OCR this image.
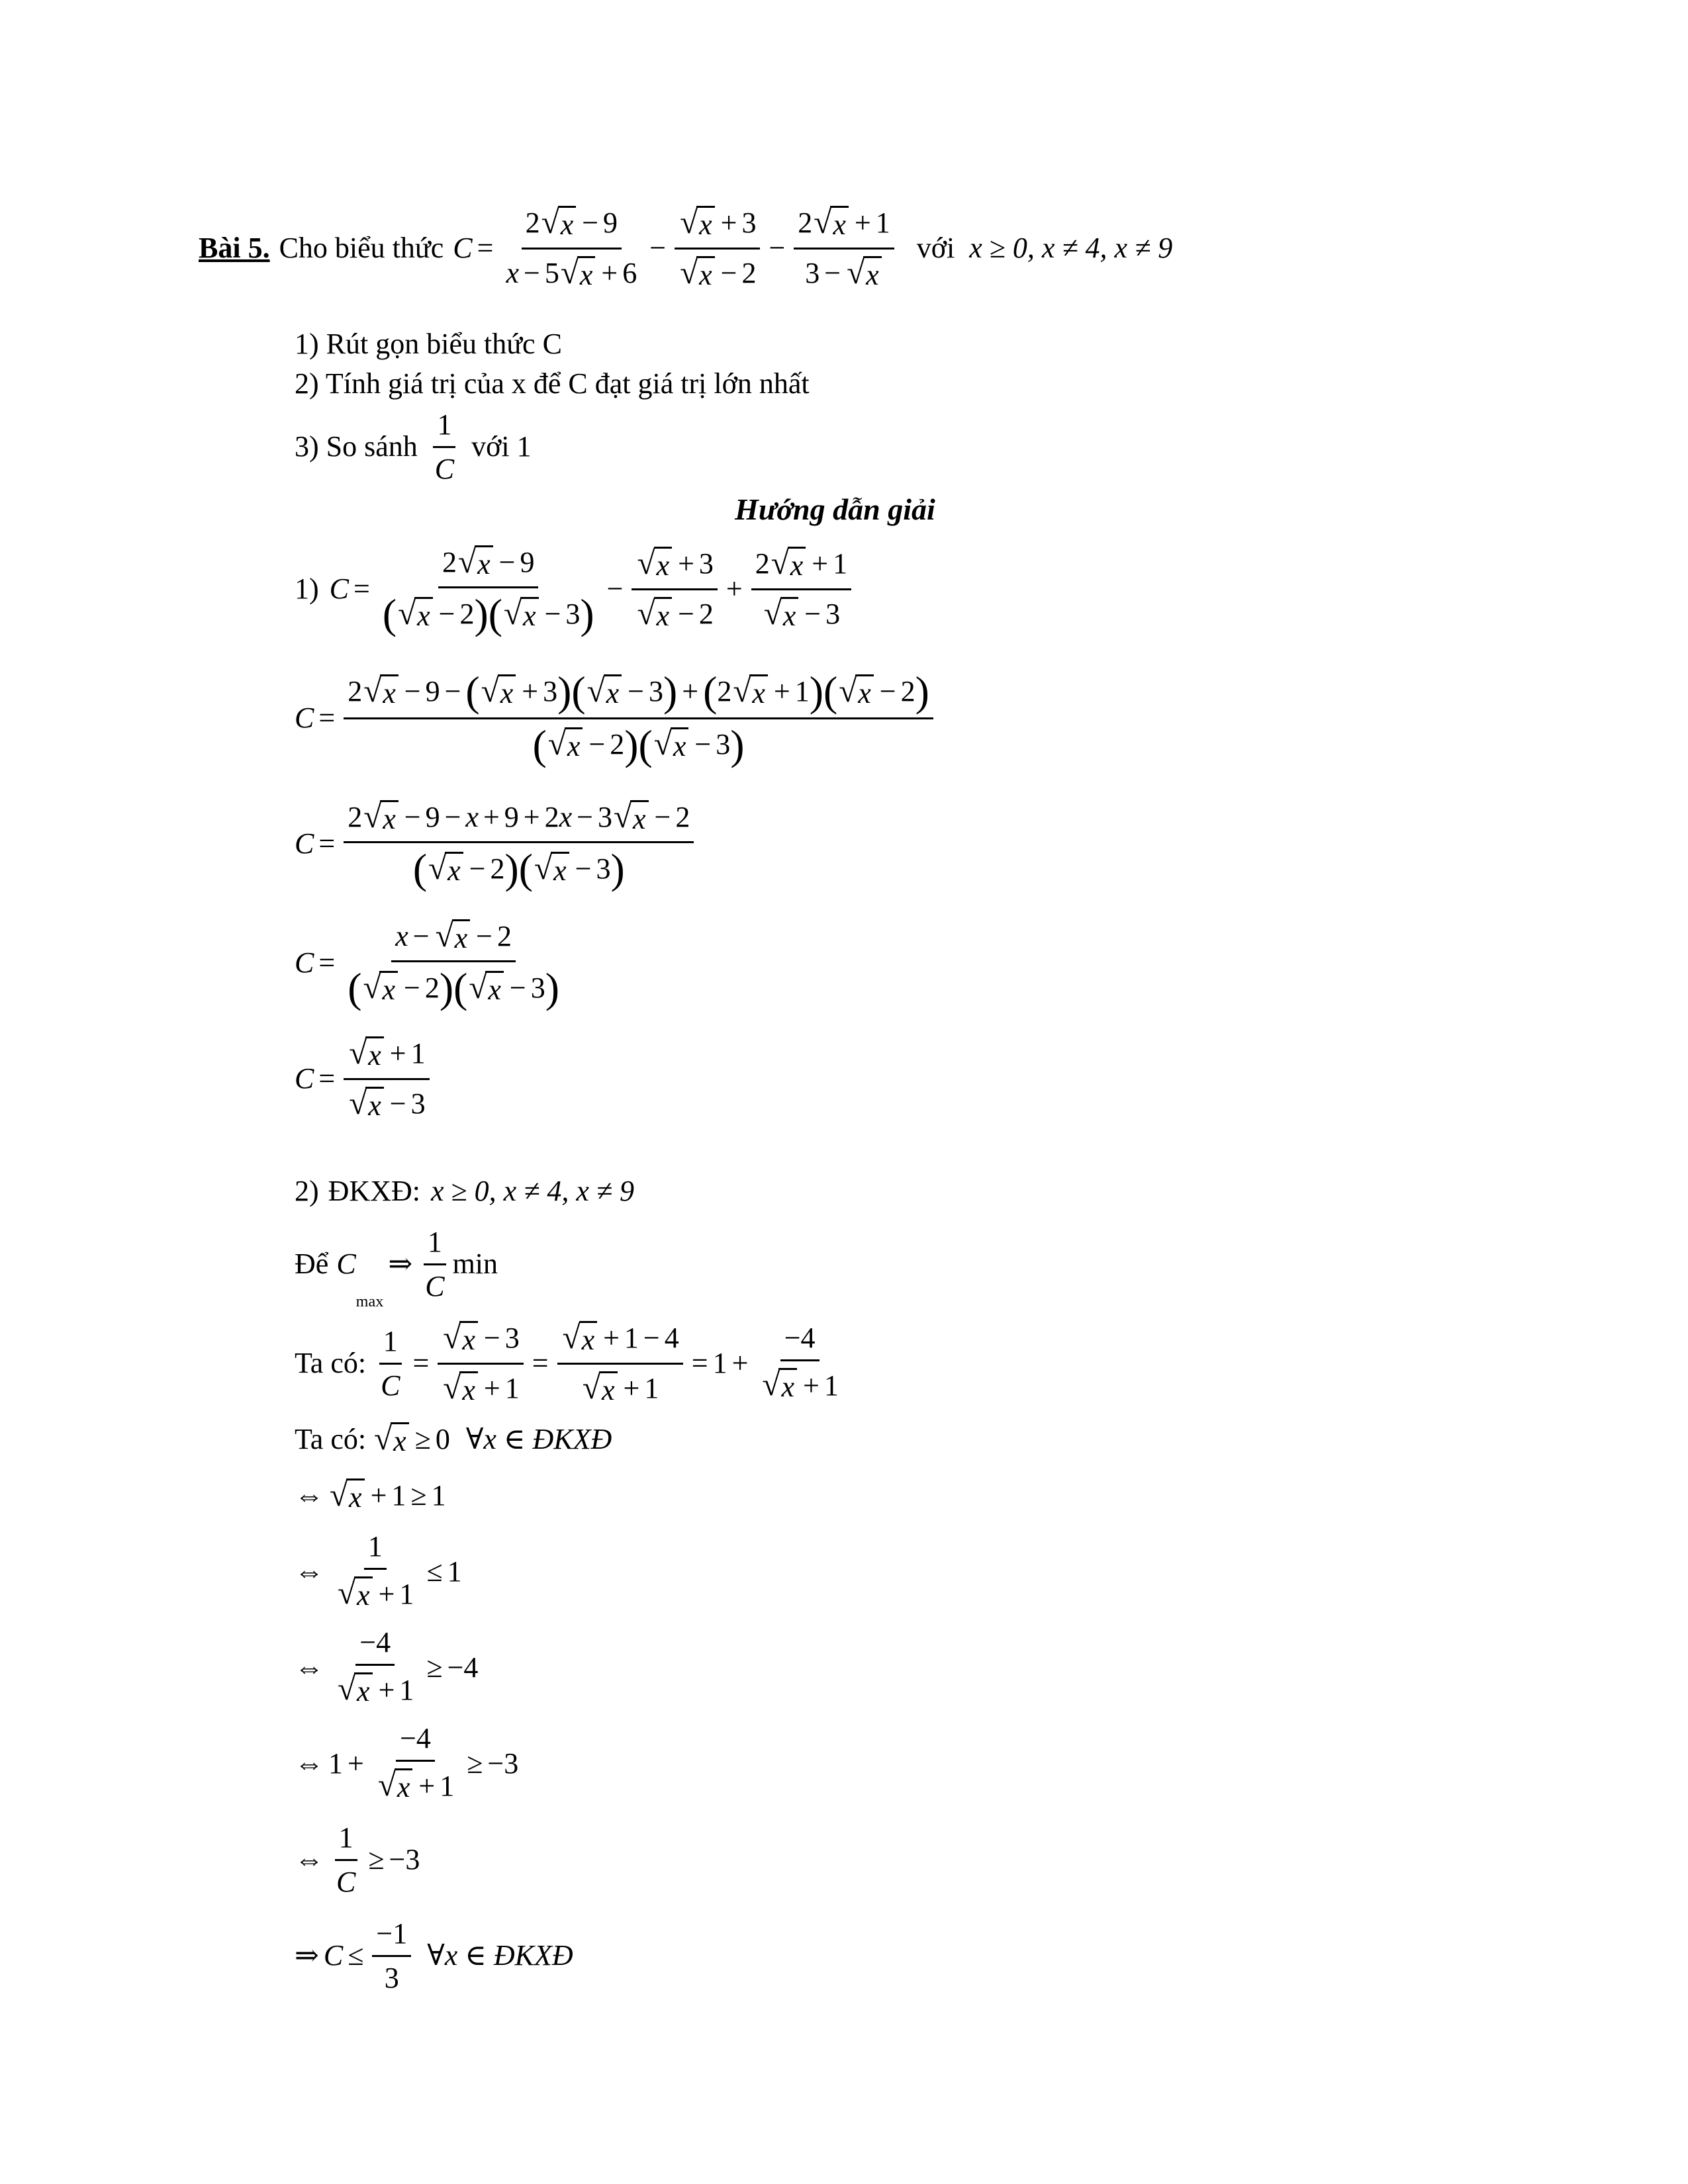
Bài 5. Cho biểu thức $C = \frac{2 √ x - 9}{x - 5 √ x + 6} - \frac{√ x + 3}{√ x - 2} - \frac{2 √ x + 1}{3 - √ x}$ với x ≥ 0, x ≠ 4, x ≠ 9
1) Rút gọn biểu thức C
2) Tính giá trị của x để C đạt giá trị lớn nhất
3) So sánh $\frac{1}{C}$ với 1
Hướng dẫn giải
1) $C = \frac{2 √ x - 9}{( √ x - 2 ) ( √ x - 3 )} - \frac{√ x + 3}{√ x - 2} + \frac{2 √ x + 1}{√ x - 3}$
$C = \frac{2 √ x - 9 - ( √ x + 3 ) ( √ x - 3 ) + ( 2 √ x + 1 ) ( √ x - 2 )}{( √ x - 2 ) ( √ x - 3 )}$
$C = \frac{2 √ x - 9 - x + 9 + 2 x - 3 √ x - 2}{( √ x - 2 ) ( √ x - 3 )}$
$C = \frac{x - √ x - 2}{( √ x - 2 ) ( √ x - 3 )}$
$C = \frac{√ x + 1}{√ x - 3}$
2) ĐKXĐ: x ≥ 0, x ≠ 4, x ≠ 9
Để C
max
⇒ $\frac{1}{C}$ min
Ta có: $\frac{1}{C} = \frac{√ x - 3}{√ x + 1} = \frac{√ x + 1 - 4}{√ x + 1} = 1 + \frac{-4}{√ x + 1}$
Ta có: √ x ≥ 0 ∀x ∈ ĐKXĐ
⇔ √ x + 1 ≥ 1
⇔ $\frac{1}{√ x + 1} \le 1$
⇔ $\frac{-4}{√ x + 1} \ge -4$
⇔ $1 + \frac{-4}{√ x + 1} \ge -3$
⇔ $\frac{1}{C} \ge -3$
⇒ $C \le \frac{-1}{3}$ ∀x ∈ ĐKXĐ
